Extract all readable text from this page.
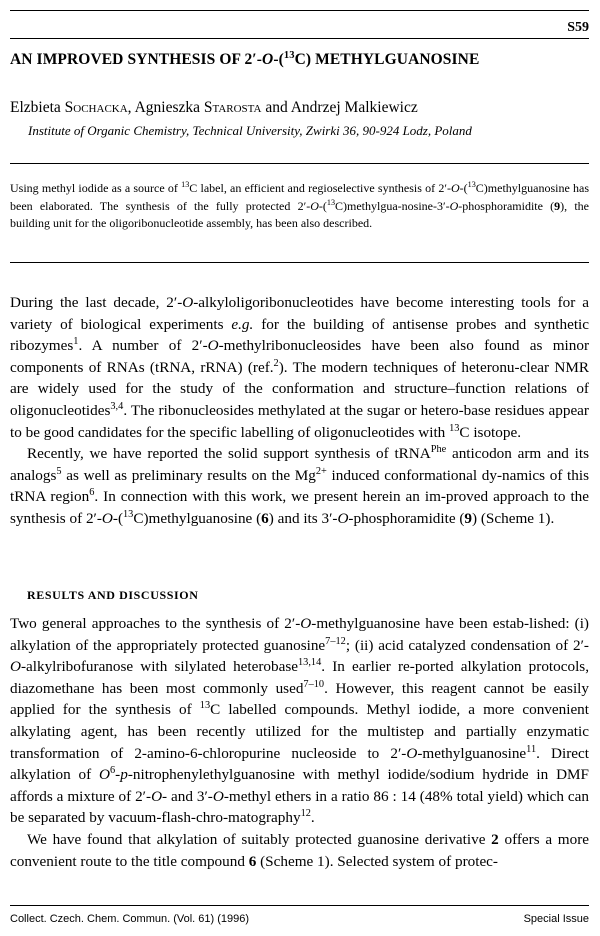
S59
AN IMPROVED SYNTHESIS OF 2′-O-($^{13}$C) METHYLGUANOSINE
Elzbieta Sochacka, Agnieszka Starosta and Andrzej Malkiewicz
Institute of Organic Chemistry, Technical University, Zwirki 36, 90-924 Lodz, Poland
Using methyl iodide as a source of $^{13}$C label, an efficient and regioselective synthesis of 2′-O-($^{13}$C)methylguanosine has been elaborated. The synthesis of the fully protected 2′-O-($^{13}$C)methylgua-nosine-3′-O-phosphoramidite (9), the building unit for the oligoribonucleotide assembly, has been also described.

During the last decade, 2′-O-alkyloligoribonucleotides have become interesting tools for a variety of biological experiments e.g. for the building of antisense probes and synthetic ribozymes$^1$. A number of 2′-O-methylribonucleosides have been also found as minor components of RNAs (tRNA, rRNA) (ref.$^2$). The modern techniques of heteronu-clear NMR are widely used for the study of the conformation and structure–function relations of oligonucleotides$^{3,4}$. The ribonucleosides methylated at the sugar or hetero-base residues appear to be good candidates for the specific labelling of oligonucleotides with $^{13}$C isotope.

Recently, we have reported the solid support synthesis of tRNA$^{Phe}$ anticodon arm and its analogs$^5$ as well as preliminary results on the $Mg^{2+}$ induced conformational dy-namics of this tRNA region$^6$. In connection with this work, we present herein an im-proved approach to the synthesis of 2′-O-($^{13}$C)methylguanosine (6) and its 3′-O-phosphoramidite (9) (Scheme 1).

RESULTS AND DISCUSSION

Two general approaches to the synthesis of 2′-O-methylguanosine have been estab-lished: (i) alkylation of the appropriately protected guanosine$^{7-12}$; (ii) acid catalyzed condensation of 2′-O-alkylribofuranose with silylated heterobase$^{13,14}$. In earlier re-ported alkylation protocols, diazomethane has been most commonly used$^{7-10}$. However, this reagent cannot be easily applied for the synthesis of $^{13}$C labelled compounds. Methyl iodide, a more convenient alkylating agent, has been recently utilized for the multistep and partially enzymatic transformation of 2-amino-6-chloropurine nucleoside to 2′-O-methylguanosine$^{11}$. Direct alkylation of $O^6-p$-nitrophenylethylguanosine with methyl iodide/sodium hydride in DMF affords a mixture of 2′-O- and 3′-O-methyl ethers in a ratio 86 : 14 (48% total yield) which can be separated by vacuum-flash-chro-matography$^{12}$.

We have found that alkylation of suitably protected guanosine derivative 2 offers a more convenient route to the title compound 6 (Scheme 1). Selected system of protec-

Collect. Czech. Chem. Commun. (Vol. 61) (1996)	Special Issue
